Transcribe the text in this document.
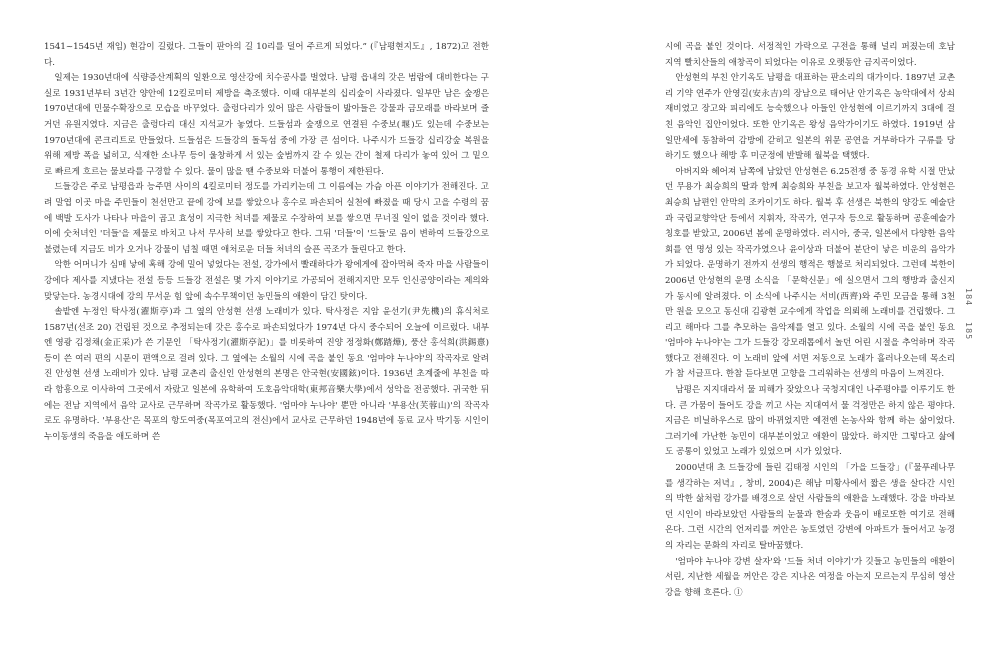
1541~1545년 재임) 현감이 길렀다. 그들이 판아의 길 10리를 덜어 주르게 되었다.” (『남평현지도』, 1872)고 전한다.

일제는 1930년대에 식량증산계획의 일환으로 영산강에 치수공사를 벌였다. 남평 읍내의 갓은 범람에 대비한다는 구실로 1931년부터 3년간 양안에 12킬로미터 제방을 축조했다. 이때 대부분의 십리숲이 사라졌다. 일부만 남은 숲쟁은 1970년대에 민물수확장으로 모습을 바꾸었다. 출렁다리가 있어 많은 사람들이 밟아들은 강물과 금모래를 바라보며 즐거던 유원지였다. 지금은 출렁다리 대신 지석교가 놓였다. 드들섬과 숲쟁으로 연결된 수중보(堰)도 있는데 수중보는 1970년대에 콘크리트로 만들었다. 드들섬은 드들강의 돌독섬 중에 가장 큰 섬이다. 나주시가 드들강 십리강숲 복원을 위해 제방 폭을 넓히고, 식재한 소나무 등이 울창하게 서 있는 숲범까지 갈 수 있는 간이 철제 다리가 놓여 있어 그 밑으로 빠르게 흐르는 물보라를 구경할 수 있다. 물이 많을 땐 수중보와 더불어 통행이 제한된다.

드들강은 주로 남평읍과 능주면 사이의 4킬로미터 정도를 가리키는데 그 이름에는 가슴 아픈 이야기가 전해진다. 고려 말엽 이곳 마을 주민들이 천선만고 끝에 강에 보를 쌓았으나 홍수로 파손되어 실천에 빠졌을 때 당시 고을 수령의 꿈에 백발 도사가 나타나 마을이 곱고 효성이 지극한 처녀를 제물로 수장하여 보를 쌓으면 무너질 일이 없을 것이라 했다. 이에 숫처녀인 '더들'을 제물로 바치고 나서 무사히 보를 쌓았다고 한다. 그뒤 '더들'이 '드들'로 음이 변하여 드들강으로 불렸는데 지금도 비가 오거나 강물이 넘칠 때면 애처로운 더들 처녀의 슬픈 곡조가 들린다고 한다.

악한 어머니가 심매 낳에 혹해 강에 밀어 넣었다는 전설, 강가에서 빨래하다가 왕에게에 잡아먹혀 죽자 마을 사람들이 강에다 제사를 지냈다는 전설 등등 드들강 전설은 몇 가지 이야기로 가공되어 전해지지만 모두 인신공양이라는 제의와 맞닿는다. 농경시대에 강의 무서운 힘 앞에 속수무책이던 농민들의 애환이 담긴 탓이다.

솔밭엔 누정인 탁사정(濯斯亭)과 그 옆의 안성현 선생 노래비가 있다. 탁사정은 지암 윤선기(尹先機)의 휴식처로 1587년(선조 20) 건립된 것으로 추정되는데 갓은 홍수로 파손되었다가 1974년 다시 중수되어 오늘에 이르렀다. 내부엔 영광 김정채(金正采)가 쓴 기문인 「탁사정기(濯斯亭記)」를 비롯하여 진양 정정화(鄭踏燁), 풍산 홍석희(洪錫憙) 등이 쓴 여러 편의 시문이 편액으로 걸려 있다. 그 옆에는 소월의 시에 곡을 붙인 동요 '엄마야 누나야'의 작곡자로 알려진 안성현 선생 노래비가 있다. 남평 교촌리 출신인 안성현의 본명은 안국현(安國鉉)이다. 1936년 초계줄에 부친을 따라 함흥으로 이사하여 그곳에서 자랐고 일본에 유학하여 도호음악대학(東邦音樂大學)에서 성악을 전공했다. 귀국한 뒤에는 전남 지역에서 음악 교사로 근무하며 작곡가로 활동했다. '엄마야 누나야' 뿐만 아니라 '부용산(芙蓉山)'의 작곡자로도 유명하다. '부용산'은 목포의 항도여중(목포여고의 전신)에서 교사로 근무하던 1948년에 동료 교사 박기동 시인이 누이동생의 죽음을 애도하며 쓴

시에 곡을 붙인 것이다. 서정적인 가락으로 구전을 통해 널리 퍼졌는데 호남 지역 빨치산들의 애창곡이 되었다는 이유로 오랫동안 금지곡이었다.

안성현의 부친 안기옥도 남평을 대표하는 판소리의 대가이다. 1897년 교촌리 기약 연주가 안영길(安永吉)의 장남으로 태어난 안기옥은 농악대에서 상쇠재비였고 장고와 피리에도 능숙했으나 아들인 안성현에 이르기까지 3대에 걸친 음악인 집안이었다. 또한 안기옥은 왕성 음악가이기도 하였다. 1919년 삼일만세에 동참하여 감방에 갇히고 일본의 위문 공연을 거부하다가 구류를 당하기도 했으나 해방 후 미군정에 반발해 월북을 택했다.

아버지와 헤어져 남쪽에 남았던 안성현은 6.25전쟁 중 동경 유학 시절 만났던 무용가 최승희의 딸과 함께 최승희와 부친을 보고자 월북하였다. 안성현은 최승희 남편인 안막의 조카이기도 하다. 월북 후 선생은 북한의 양강도 예술단과 국립교향악단 등에서 지휘자, 작곡가, 연구자 등으로 활동하며 공훈예술가 칭호를 받았고, 2006년 봄에 운명하였다. 러시아, 중국, 일본에서 다양한 음악회를 연 명성 있는 작곡가였으나 윤이상과 더불어 분단이 낳은 비운의 음악가가 되었다. 운명하기 전까지 선생의 행적은 행불로 처리되었다. 그런데 북한이 2006년 안성현의 운명 소식을 「문학신문」에 실으면서 그의 행방과 출신지가 동시에 알려졌다. 이 소식에 나주시는 서비(西齊)와 주민 모금을 통해 3천만 원을 모으고 동신대 김광현 교수에게 작업을 의뢰해 노래비를 건립했다. 그리고 해마다 그를 추모하는 음악제를 열고 있다. 소월의 시에 곡을 붙인 동요 '엄마야 누나야'는 그가 드들강 강모래톱에서 놀던 어린 시절을 추억하며 작곡했다고 전해진다. 이 노래비 앞에 서면 저동으로 노래가 흘러나오는데 목소리가 참 서글프다. 한참 듣다보면 고향을 그리워하는 선생의 마음이 느껴진다.

남평은 지지대라서 물 피해가 잦았으나 국청지대인 나주평야를 이루기도 한다. 큰 가뭄이 들어도 강을 끼고 사는 지대여서 물 걱정만은 하지 않은 평야다. 지금은 비닐하우스로 많이 바뀌었지만 예전엔 논농사와 함께 하는 삶이었다. 그러기에 가난한 농민이 대부분이었고 애환이 많았다. 하지만 그렇다고 삶에도 공통이 있었고 노래가 있었으며 시가 있었다.

2000년대 초 드들강에 들린 김태정 시인의 「가을 드들강」(『물푸레나무를 생각하는 저녁』, 창비, 2004)은 해남 미황사에서 짧은 생을 살다간 시인의 박한 삶처럼 강가를 배경으로 살던 사람들의 애환을 노래했다. 강을 바라보던 시인이 바라보았던 사람들의 눈물과 한숨과 웃음이 배로또한 여기로 전해 온다. 그런 시간의 언저리를 꺼안은 농토였던 강변에 아파트가 들어서고 농경의 자리는 문화의 자리로 탈바꿈했다.

'엄마야 누나야 강변 살자'와 '드들 처녀 이야기'가 깃들고 농민들의 애환이 서린, 지난한 세월을 꺼안은 강은 지나온 여정을 아는지 모르는지 무심히 영산강을 향해 흐른다. ⓛ

184 185
